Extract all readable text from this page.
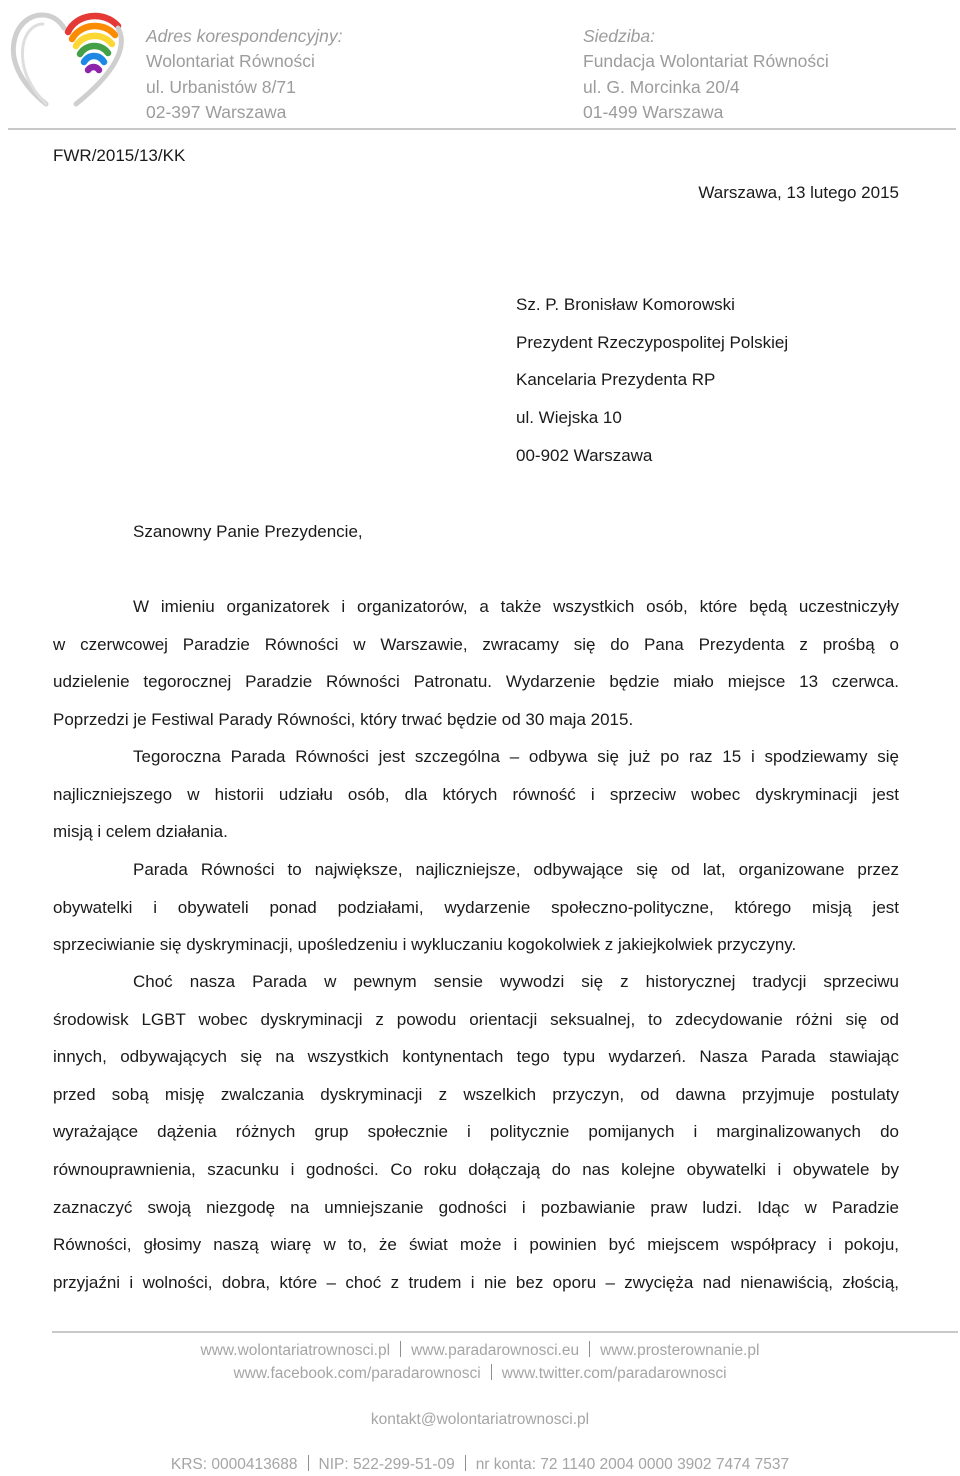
Adres korespondencyjny:
Wolontariat Równości
ul. Urbanistów 8/71
02-397 Warszawa
Siedziba:
Fundacja Wolontariat Równości
ul. G. Morcinka 20/4
01-499 Warszawa
FWR/2015/13/KK
Warszawa, 13 lutego 2015
Sz. P. Bronisław Komorowski
Prezydent Rzeczypospolitej Polskiej
Kancelaria Prezydenta RP
ul. Wiejska 10
00-902 Warszawa
Szanowny Panie Prezydencie,
W imieniu organizatorek i organizatorów, a także wszystkich osób, które będą uczestniczyły
w czerwcowej Paradzie Równości w Warszawie, zwracamy się do Pana Prezydenta z prośbą o
udzielenie tegorocznej Paradzie Równości Patronatu. Wydarzenie będzie miało miejsce 13 czerwca.
Poprzedzi je Festiwal Parady Równości, który trwać będzie od 30 maja 2015.
Tegoroczna Parada Równości jest szczególna – odbywa się już po raz 15 i spodziewamy się
najliczniejszego w historii udziału osób, dla których równość i sprzeciw wobec dyskryminacji jest
misją i celem działania.
Parada Równości to największe, najliczniejsze, odbywające się od lat, organizowane przez
obywatelki i obywateli ponad podziałami, wydarzenie społeczno-polityczne, którego misją jest
sprzeciwianie się dyskryminacji, upośledzeniu i wykluczaniu kogokolwiek z jakiejkolwiek przyczyny.
Choć nasza Parada w pewnym sensie wywodzi się z historycznej tradycji sprzeciwu
środowisk LGBT wobec dyskryminacji z powodu orientacji seksualnej, to zdecydowanie różni się od
innych, odbywających się na wszystkich kontynentach tego typu wydarzeń. Nasza Parada stawiając
przed sobą misję zwalczania dyskryminacji z wszelkich przyczyn, od dawna przyjmuje postulaty
wyrażające dążenia różnych grup społecznie i politycznie pomijanych i marginalizowanych do
równouprawnienia, szacunku i godności. Co roku dołączają do nas kolejne obywatelki i obywatele by
zaznaczyć swoją niezgodę na umniejszanie godności i pozbawianie praw ludzi. Idąc w Paradzie
Równości, głosimy naszą wiarę w to, że świat może i powinien być miejscem współpracy i pokoju,
przyjaźni i wolności, dobra, które – choć z trudem i nie bez oporu – zwycięża nad nienawiścią, złością,
www.wolontariatrownosci.pl www.paradarownosci.eu www.prosterownanie.pl
www.facebook.com/paradarownosci www.twitter.com/paradarownosci
kontakt@wolontariatrownosci.pl
KRS: 0000413688 NIP: 522-299-51-09 nr konta: 72 1140 2004 0000 3902 7474 7537
